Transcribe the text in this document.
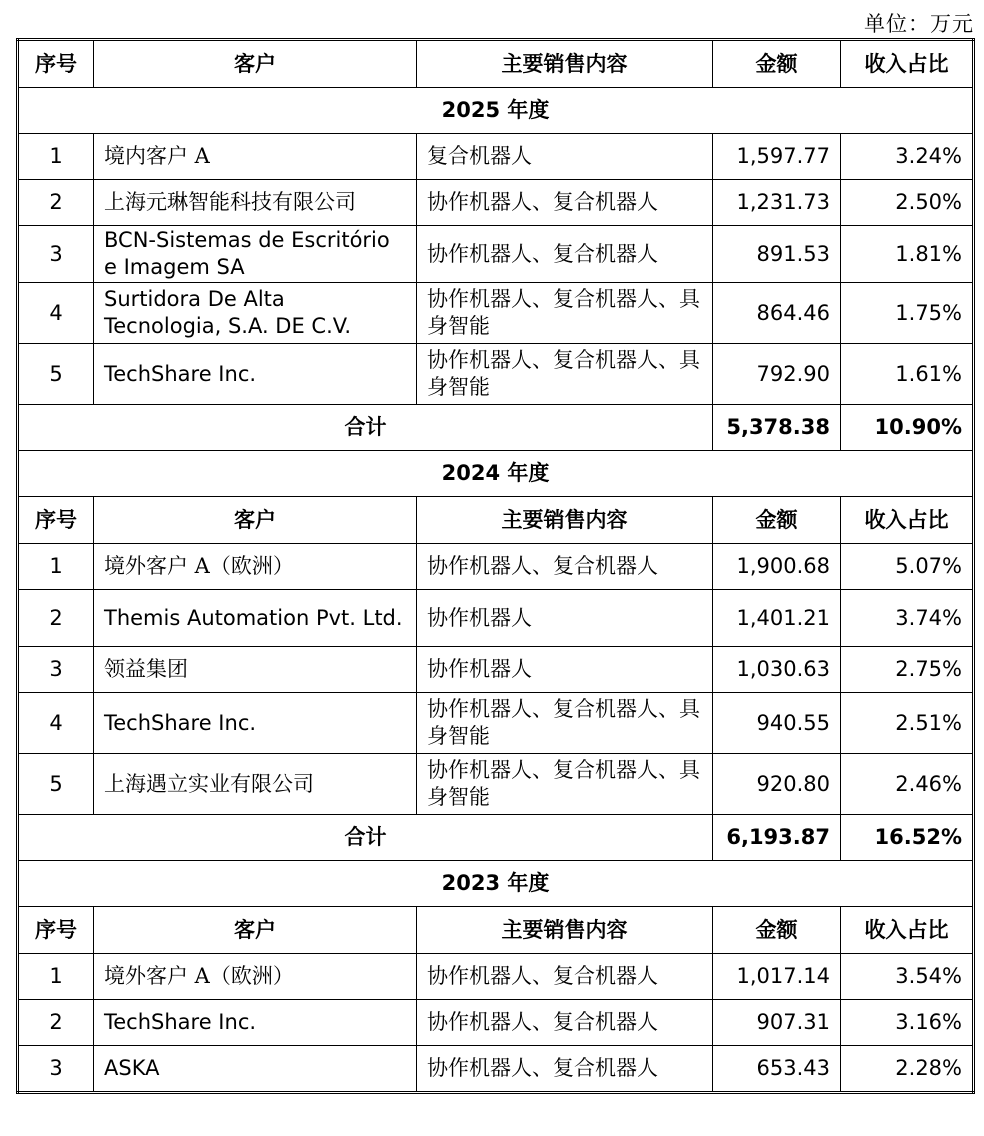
单位：万元
序号	客户	主要销售内容	金额	收入占比
2025 年度				
1	境内客户 A	复合机器人	1,597.77	3.24%
2	上海元琳智能科技有限公司	协作机器人、复合机器人	1,231.73	2.50%
3	BCN-Sistemas de Escritório e Imagem SA	协作机器人、复合机器人	891.53	1.81%
4	Surtidora De Alta Tecnologia, S.A. DE C.V.	协作机器人、复合机器人、具身智能	864.46	1.75%
5	TechShare Inc.	协作机器人、复合机器人、具身智能	792.90	1.61%
合计			5,378.38	10.90%
2024 年度				
序号	客户	主要销售内容	金额	收入占比
1	境外客户 A（欧洲）	协作机器人、复合机器人	1,900.68	5.07%
2	Themis Automation Pvt. Ltd.	协作机器人	1,401.21	3.74%
3	领益集团	协作机器人	1,030.63	2.75%
4	TechShare Inc.	协作机器人、复合机器人、具身智能	940.55	2.51%
5	上海遇立实业有限公司	协作机器人、复合机器人、具身智能	920.80	2.46%
合计			6,193.87	16.52%
2023 年度				
序号	客户	主要销售内容	金额	收入占比
1	境外客户 A（欧洲）	协作机器人、复合机器人	1,017.14	3.54%
2	TechShare Inc.	协作机器人、复合机器人	907.31	3.16%
3	ASKA	协作机器人、复合机器人	653.43	2.28%
